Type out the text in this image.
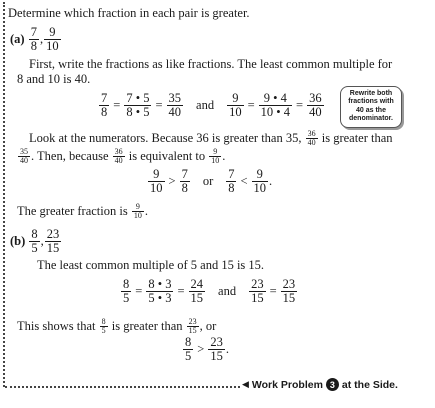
Determine which fraction in each pair is greater.
(a)
$\frac{7}{8}$ , $\frac{9}{10}$
First, write the fractions as like fractions. The least common multiple for
8 and 10 is 40.
$\frac{7}{8} = \frac{7 • 5}{8 • 5} = \frac{35}{40}$ and $\frac{9}{10} = \frac{9 • 4}{10 • 4} = \frac{36}{40}$	Rewrite both
fractions with
40 as the
denominator.
Look at the numerators. Because 36 is greater than 35,
$\frac{36}{40}$
is greater than
$\frac{35}{40}$ . Then, because
$\frac{36}{40}$
is equivalent to
$\frac{9}{10}$ .
$\frac{9}{10} > \frac{7}{8}$ or $\frac{7}{8} < \frac{9}{10}$ .
The greater fraction is
$\frac{9}{10}$ .
(b)
$\frac{8}{5}$ , $\frac{23}{15}$
The least common multiple of 5 and 15 is 15.
$\frac{8}{5} = \frac{8 • 3}{5 • 3} = \frac{24}{15}$ and $\frac{23}{15} = \frac{23}{15}$
This shows that
$\frac{8}{5}$
is greater than
$\frac{23}{15}$ , or
$\frac{8}{5} > \frac{23}{15}$ .
◀ Work Problem 3 at the Side.
